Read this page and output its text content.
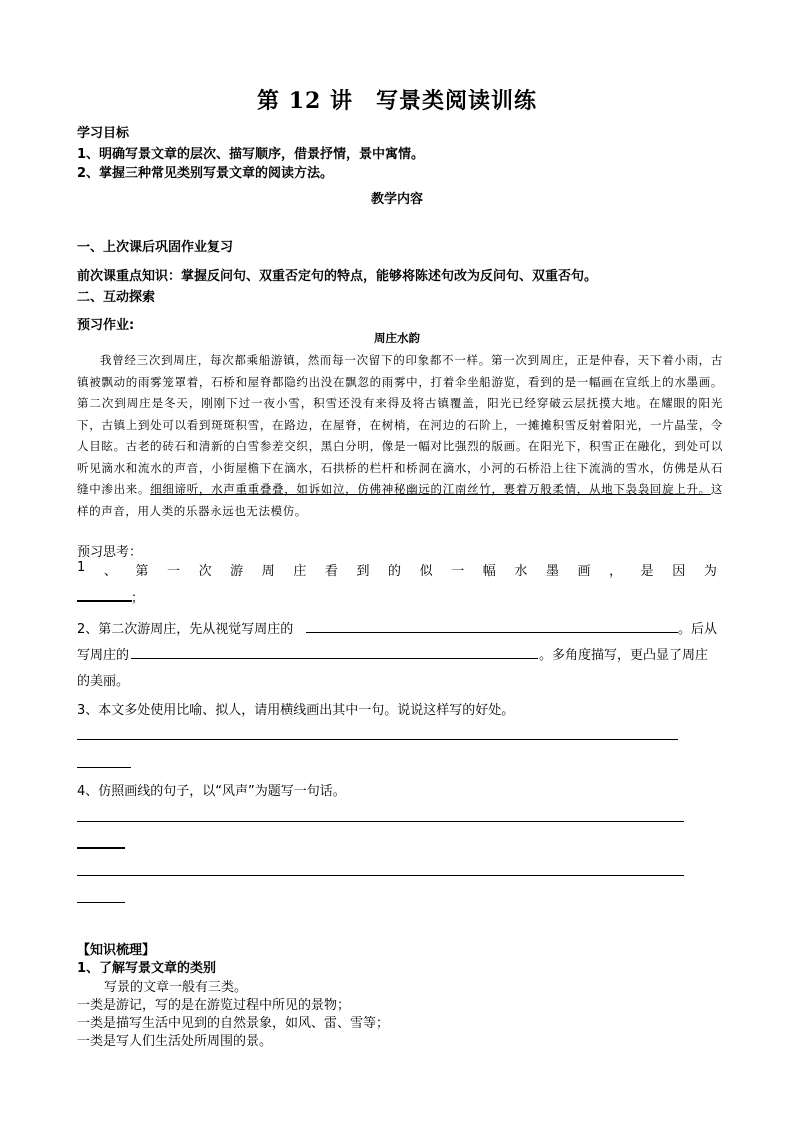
第 12 讲　写景类阅读训练
学习目标
1、明确写景文章的层次、描写顺序，借景抒情，景中寓情。
2、掌握三种常见类别写景文章的阅读方法。
教学内容
一、上次课后巩固作业复习
前次课重点知识：掌握反问句、双重否定句的特点，能够将陈述句改为反问句、双重否句。
二、互动探索
预习作业:
周庄水韵

我曾经三次到周庄，每次都乘船游镇，然而每一次留下的印象都不一样。第一次到周庄，正是仲春，天下着小雨，古镇被飘动的雨雾笼罩着，石桥和屋脊都隐约出没在飘忽的雨雾中，打着伞坐船游览，看到的是一幅画在宣纸上的水墨画。第二次到周庄是冬天，刚刚下过一夜小雪，积雪还没有来得及将古镇覆盖，阳光已经穿破云层抚摸大地。在耀眼的阳光下，古镇上到处可以看到斑斑积雪，在路边，在屋脊，在树梢，在河边的石阶上，一摊摊积雪反射着阳光，一片晶莹，令人目眩。古老的砖石和清新的白雪参差交织，黑白分明，像是一幅对比强烈的版画。在阳光下，积雪正在融化，到处可以听见滴水和流水的声音，小街屋檐下在滴水，石拱桥的栏杆和桥洞在滴水，小河的石桥沿上往下流淌的雪水，仿佛是从石缝中渗出来。细细谛听，水声重重叠叠，如诉如泣，仿佛神秘幽远的江南丝竹，裹着万般柔情，从地下袅袅回旋上升。这样的声音，用人类的乐器永远也无法模仿。

预习思考：
1 、 第 一 次 游 周 庄 看 到 的 似 一 幅 水 墨 画 ， 是 因 为
；
2、第二次游周庄，先从视觉写周庄的	。后从
写周庄的	。多角度描写，更凸显了周庄
的美丽。
3、本文多处使用比喻、拟人，请用横线画出其中一句。说说这样写的好处。
4、仿照画线的句子，以“风声”为题写一句话。
【知识梳理】
1、了解写景文章的类别
写景的文章一般有三类。
一类是游记，写的是在游览过程中所见的景物；
一类是描写生活中见到的自然景象，如风、雷、雪等；
一类是写人们生活处所周围的景。
